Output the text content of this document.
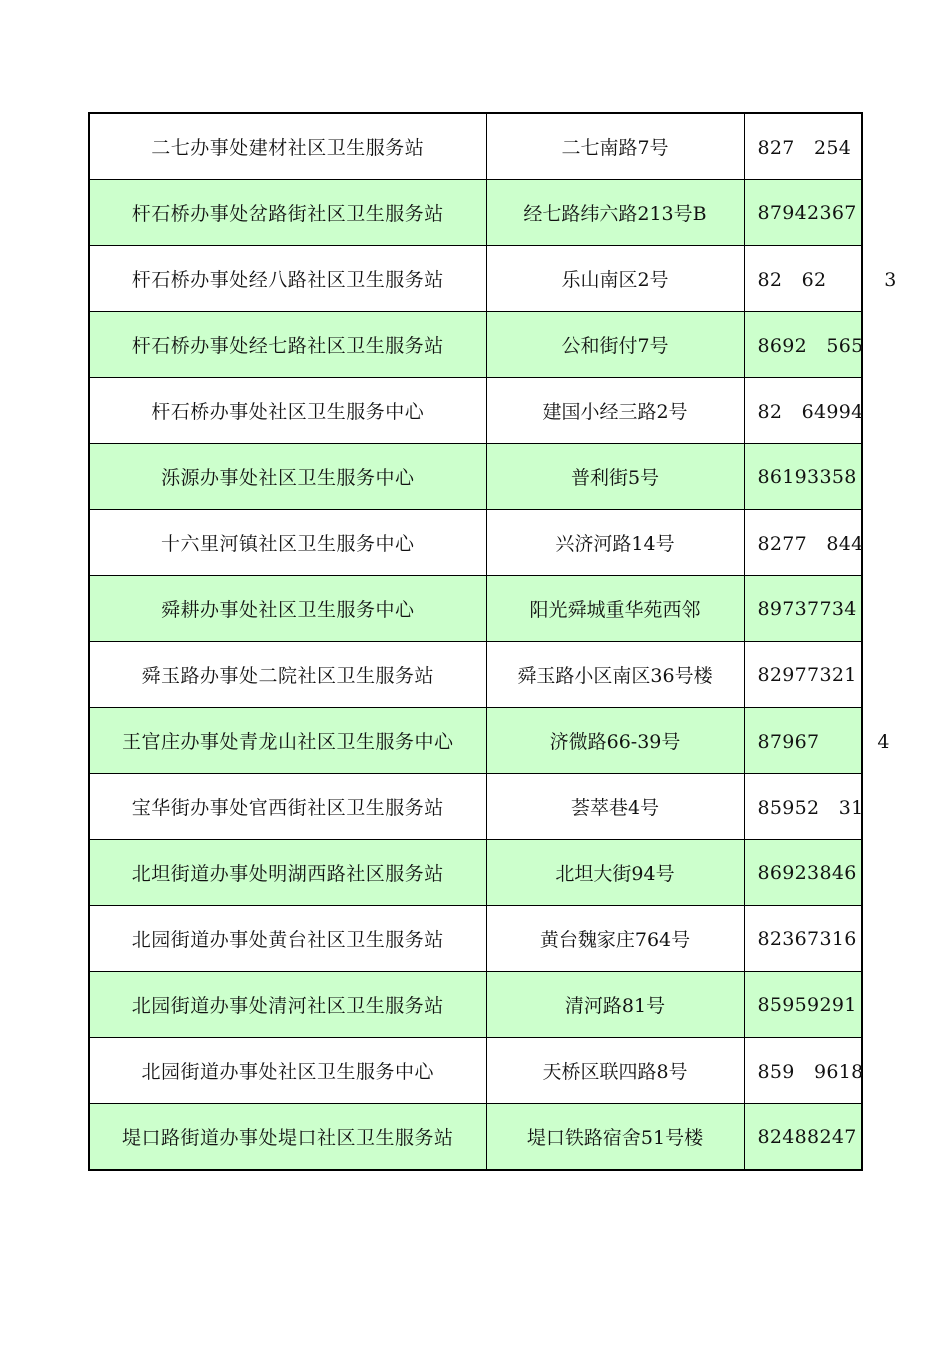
二七办事处建材社区卫生服务站	二七南路7号	827　254
杆石桥办事处岔路街社区卫生服务站	经七路纬六路213号B	87942367
杆石桥办事处经八路社区卫生服务站	乐山南区2号	82　62　　　3
杆石桥办事处经七路社区卫生服务站	公和街付7号	8692　565
杆石桥办事处社区卫生服务中心	建国小经三路2号	82　64994
泺源办事处社区卫生服务中心	普利街5号	86193358
十六里河镇社区卫生服务中心	兴济河路14号	8277　844
舜耕办事处社区卫生服务中心	阳光舜城重华苑西邻	89737734
舜玉路办事处二院社区卫生服务站	舜玉路小区南区36号楼	82977321
王官庄办事处青龙山社区卫生服务中心	济微路66-39号	87967　　　4
宝华街办事处官西街社区卫生服务站	荟萃巷4号	85952　31
北坦街道办事处明湖西路社区服务站	北坦大街94号	86923846
北园街道办事处黄台社区卫生服务站	黄台魏家庄764号	82367316
北园街道办事处清河社区卫生服务站	清河路81号	85959291
北园街道办事处社区卫生服务中心	天桥区联四路8号	859　9618
堤口路街道办事处堤口社区卫生服务站	堤口铁路宿舍51号楼	82488247
